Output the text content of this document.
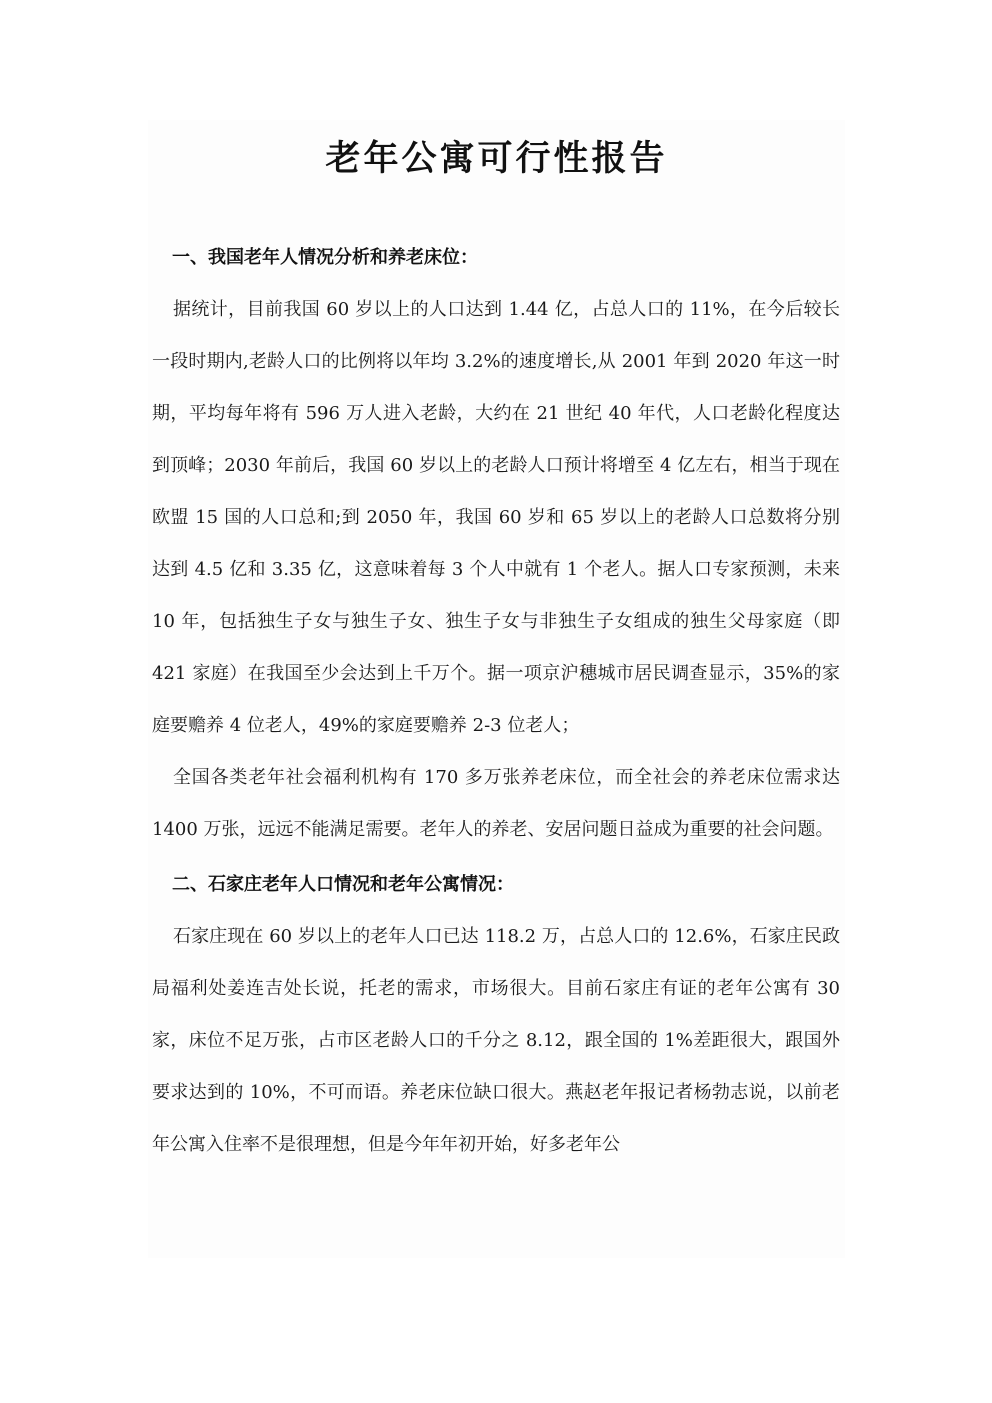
老年公寓可行性报告
一、我国老年人情况分析和养老床位：

据统计，目前我国 60 岁以上的人口达到 1.44 亿，占总人口的 11%，在今后较长一段时期内,老龄人口的比例将以年均 3.2%的速度增长,从 2001 年到 2020 年这一时期，平均每年将有 596 万人进入老龄，大约在 21 世纪 40 年代，人口老龄化程度达到顶峰；2030 年前后，我国 60 岁以上的老龄人口预计将增至 4 亿左右，相当于现在欧盟 15 国的人口总和;到 2050 年，我国 60 岁和 65 岁以上的老龄人口总数将分别达到 4.5 亿和 3.35 亿，这意味着每 3 个人中就有 1 个老人。据人口专家预测，未来 10 年，包括独生子女与独生子女、独生子女与非独生子女组成的独生父母家庭（即 421 家庭）在我国至少会达到上千万个。据一项京沪穗城市居民调查显示，35%的家庭要赡养 4 位老人，49%的家庭要赡养 2-3 位老人；

全国各类老年社会福利机构有 170 多万张养老床位，而全社会的养老床位需求达 1400 万张，远远不能满足需要。老年人的养老、安居问题日益成为重要的社会问题。

二、石家庄老年人口情况和老年公寓情况：

石家庄现在 60 岁以上的老年人口已达 118.2 万，占总人口的 12.6%，石家庄民政局福利处姜连吉处长说，托老的需求，市场很大。目前石家庄有证的老年公寓有 30 家，床位不足万张，占市区老龄人口的千分之 8.12，跟全国的 1%差距很大，跟国外要求达到的 10%，不可而语。养老床位缺口很大。燕赵老年报记者杨勃志说，以前老年公寓入住率不是很理想，但是今年年初开始，好多老年公
